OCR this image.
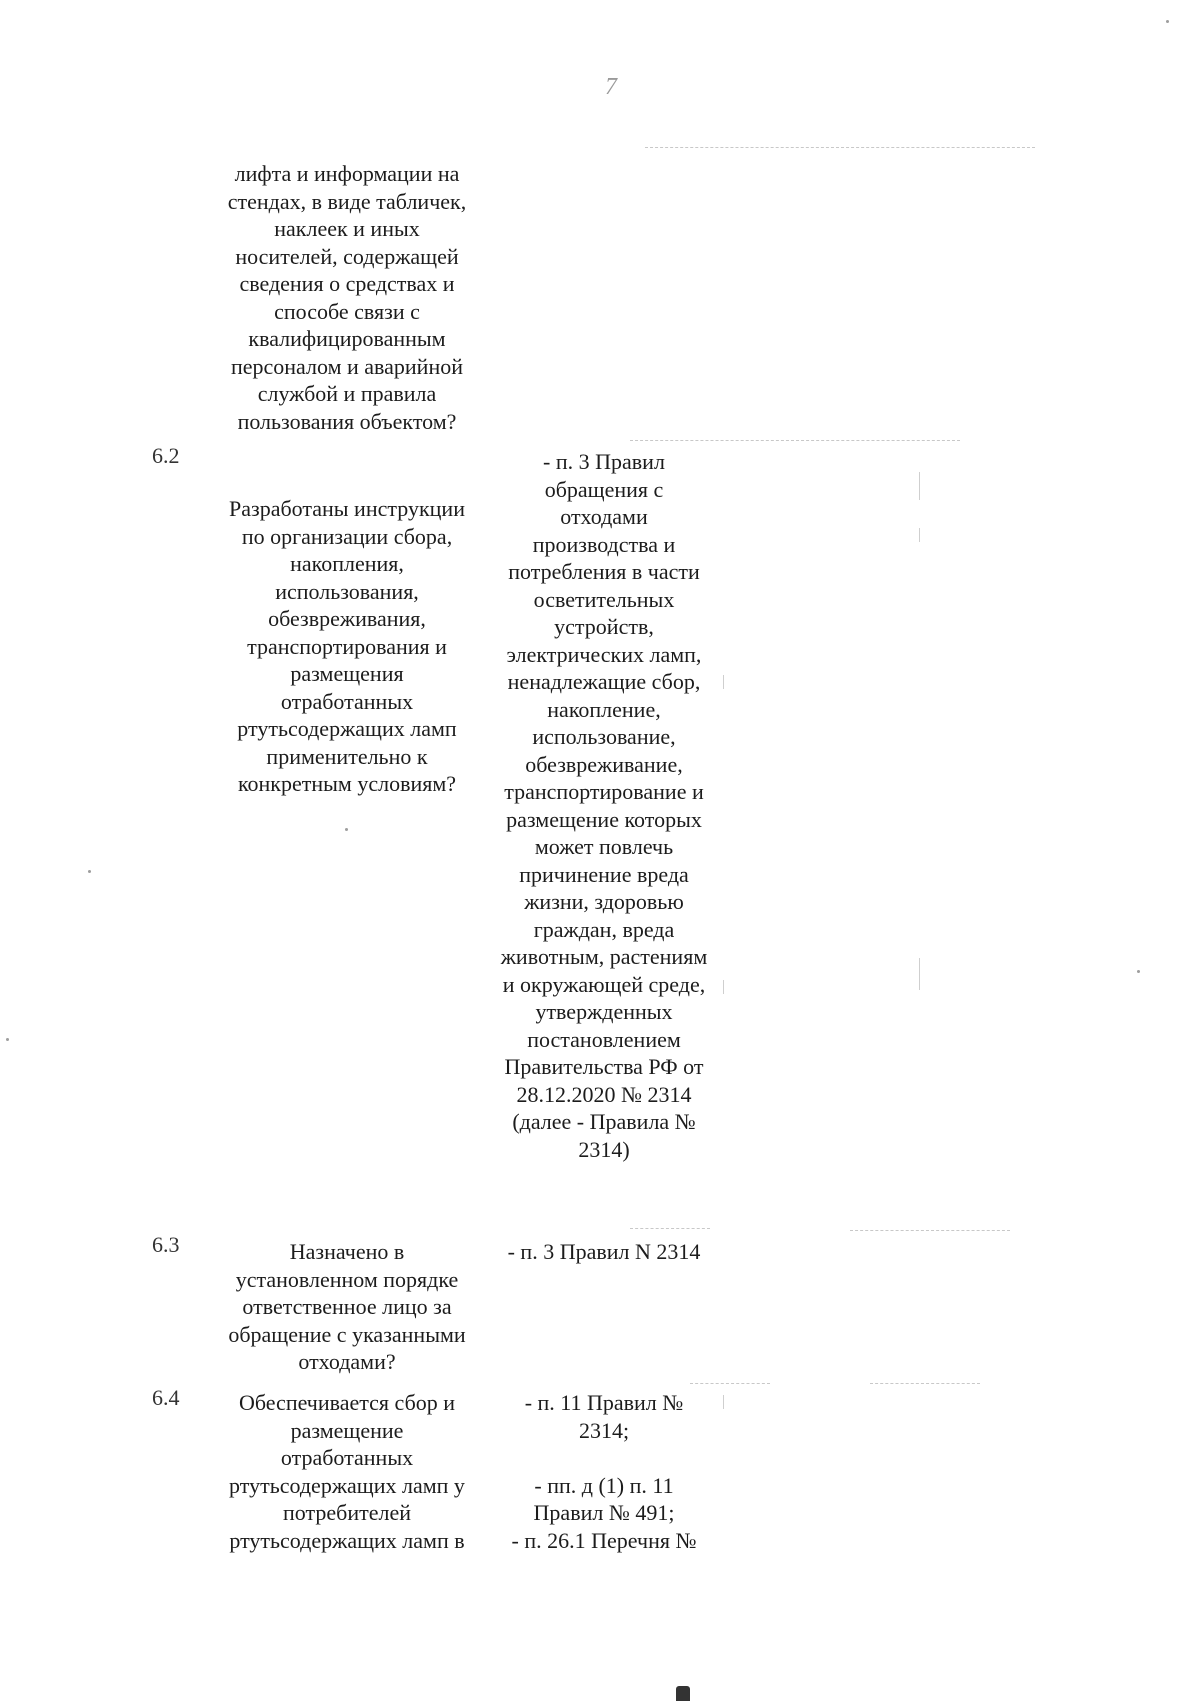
7
лифта и информации на
стендах, в виде табличек,
наклеек и иных
носителей, содержащей
сведения о средствах и
способе связи с
квалифицированным
персоналом и аварийной
службой и правила
пользования объектом?
6.2
Разработаны инструкции
по организации сбора,
накопления,
использования,
обезвреживания,
транспортирования и
размещения
отработанных
ртутьсодержащих ламп
применительно к
конкретным условиям?
- п. 3 Правил
обращения с
отходами
производства и
потребления в части
осветительных
устройств,
электрических ламп,
ненадлежащие сбор,
накопление,
использование,
обезвреживание,
транспортирование и
размещение которых
может повлечь
причинение вреда
жизни, здоровью
граждан, вреда
животным, растениям
и окружающей среде,
утвержденных
постановлением
Правительства РФ от
28.12.2020 № 2314
(далее - Правила №
2314)
6.3	Назначено в
установленном порядке
ответственное лицо за
обращение с указанными
отходами?
- п. 3 Правил N 2314
6.4	Обеспечивается сбор и
размещение
отработанных
ртутьсодержащих ламп у
потребителей
ртутьсодержащих ламп в
- п. 11 Правил №
2314;

- пп. д (1) п. 11
Правил № 491;
- п. 26.1 Перечня №
